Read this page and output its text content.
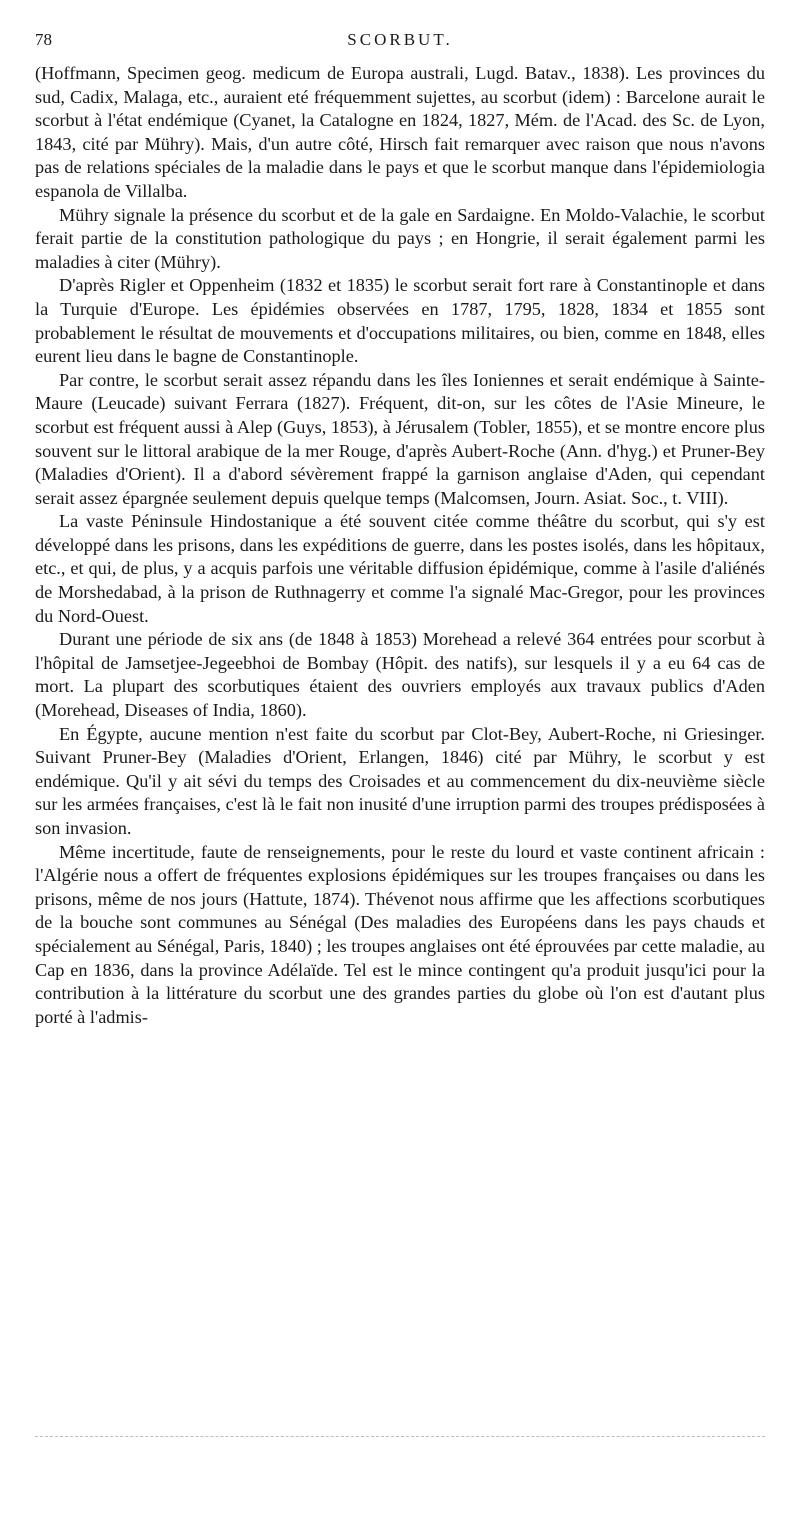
78	SCORBUT.

(Hoffmann, Specimen geog. medicum de Europa australi, Lugd. Batav., 1838). Les provinces du sud, Cadix, Malaga, etc., auraient eté fréquemment sujettes, au scorbut (idem) : Barcelone aurait le scorbut à l'état endémique (Cyanet, la Catalogne en 1824, 1827, Mém. de l'Acad. des Sc. de Lyon, 1843, cité par Mühry). Mais, d'un autre côté, Hirsch fait remarquer avec raison que nous n'avons pas de relations spéciales de la maladie dans le pays et que le scorbut manque dans l'épidemiologia espanola de Villalba.

Mühry signale la présence du scorbut et de la gale en Sardaigne. En Moldo-Valachie, le scorbut ferait partie de la constitution pathologique du pays ; en Hongrie, il serait également parmi les maladies à citer (Mühry).

D'après Rigler et Oppenheim (1832 et 1835) le scorbut serait fort rare à Constantinople et dans la Turquie d'Europe. Les épidémies observées en 1787, 1795, 1828, 1834 et 1855 sont probablement le résultat de mouvements et d'occupations militaires, ou bien, comme en 1848, elles eurent lieu dans le bagne de Constantinople.

Par contre, le scorbut serait assez répandu dans les îles Ioniennes et serait endémique à Sainte-Maure (Leucade) suivant Ferrara (1827). Fréquent, dit-on, sur les côtes de l'Asie Mineure, le scorbut est fréquent aussi à Alep (Guys, 1853), à Jérusalem (Tobler, 1855), et se montre encore plus souvent sur le littoral arabique de la mer Rouge, d'après Aubert-Roche (Ann. d'hyg.) et Pruner-Bey (Maladies d'Orient). Il a d'abord sévèrement frappé la garnison anglaise d'Aden, qui cependant serait assez épargnée seulement depuis quelque temps (Malcomsen, Journ. Asiat. Soc., t. VIII).

La vaste Péninsule Hindostanique a été souvent citée comme théâtre du scorbut, qui s'y est développé dans les prisons, dans les expéditions de guerre, dans les postes isolés, dans les hôpitaux, etc., et qui, de plus, y a acquis parfois une véritable diffusion épidémique, comme à l'asile d'aliénés de Morshedabad, à la prison de Ruthnagerry et comme l'a signalé Mac-Gregor, pour les provinces du Nord-Ouest.

Durant une période de six ans (de 1848 à 1853) Morehead a relevé 364 entrées pour scorbut à l'hôpital de Jamsetjee-Jegeebhoi de Bombay (Hôpit. des natifs), sur lesquels il y a eu 64 cas de mort. La plupart des scorbutiques étaient des ouvriers employés aux travaux publics d'Aden (Morehead, Diseases of India, 1860).

En Égypte, aucune mention n'est faite du scorbut par Clot-Bey, Aubert-Roche, ni Griesinger. Suivant Pruner-Bey (Maladies d'Orient, Erlangen, 1846) cité par Mühry, le scorbut y est endémique. Qu'il y ait sévi du temps des Croisades et au commencement du dix-neuvième siècle sur les armées françaises, c'est là le fait non inusité d'une irruption parmi des troupes prédisposées à son invasion.

Même incertitude, faute de renseignements, pour le reste du lourd et vaste continent africain : l'Algérie nous a offert de fréquentes explosions épidémiques sur les troupes françaises ou dans les prisons, même de nos jours (Hattute, 1874). Thévenot nous affirme que les affections scorbutiques de la bouche sont communes au Sénégal (Des maladies des Européens dans les pays chauds et spécialement au Sénégal, Paris, 1840) ; les troupes anglaises ont été éprouvées par cette maladie, au Cap en 1836, dans la province Adélaïde. Tel est le mince contingent qu'a produit jusqu'ici pour la contribution à la littérature du scorbut une des grandes parties du globe où l'on est d'autant plus porté à l'admis-
